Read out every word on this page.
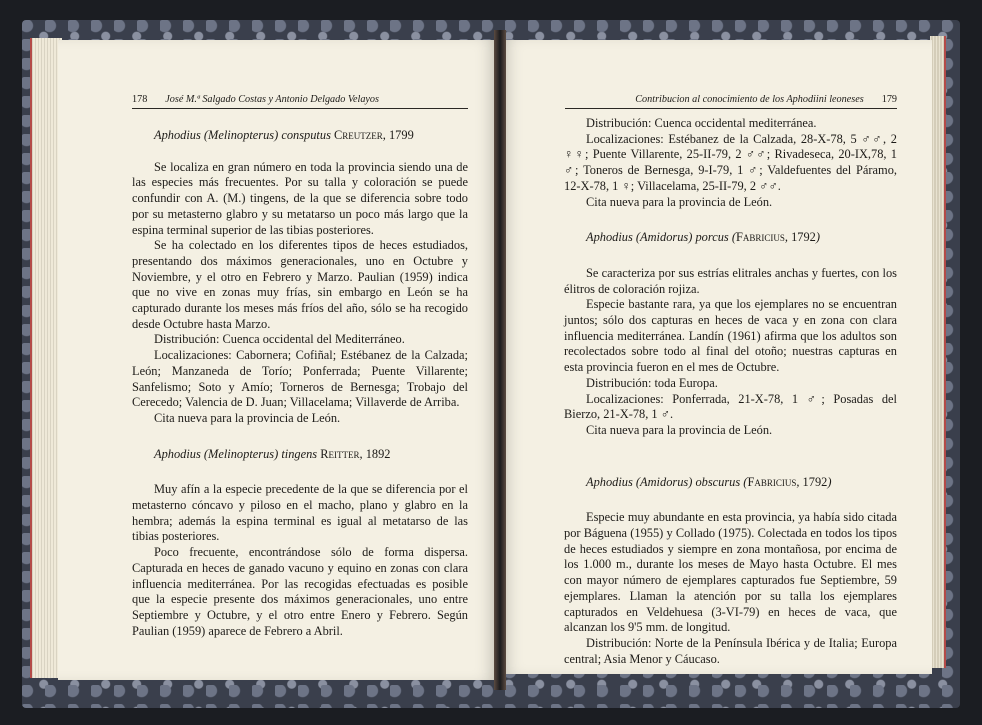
178 José M.ª Salgado Costas y Antonio Delgado Velayos

Aphodius (Melinopterus) consputus Creutzer, 1799

Se localiza en gran número en toda la provincia siendo una de las especies más frecuentes. Por su talla y coloración se puede confundir con A. (M.) tingens, de la que se diferencia sobre todo por su metasterno glabro y su metatarso un poco más largo que la espina terminal superior de las tibias posteriores.

Se ha colectado en los diferentes tipos de heces estudiados, presentando dos máximos generacionales, uno en Octubre y Noviembre, y el otro en Febrero y Marzo. Paulian (1959) indica que no vive en zonas muy frías, sin embargo en León se ha capturado durante los meses más fríos del año, sólo se ha recogido desde Octubre hasta Marzo.

Distribución: Cuenca occidental del Mediterráneo.

Localizaciones: Cabornera; Cofiñal; Estébanez de la Calzada; León; Manzaneda de Torío; Ponferrada; Puente Villarente; Sanfelismo; Soto y Amío; Torneros de Bernesga; Trobajo del Cerecedo; Valencia de D. Juan; Villacelama; Villaverde de Arriba.

Cita nueva para la provincia de León.

Aphodius (Melinopterus) tingens Reitter, 1892

Muy afín a la especie precedente de la que se diferencia por el metasterno cóncavo y piloso en el macho, plano y glabro en la hembra; además la espina terminal es igual al metatarso de las tibias posteriores.

Poco frecuente, encontrándose sólo de forma dispersa. Capturada en heces de ganado vacuno y equino en zonas con clara influencia mediterránea. Por las recogidas efectuadas es posible que la especie presente dos máximos generacionales, uno entre Septiembre y Octubre, y el otro entre Enero y Febrero. Según Paulian (1959) aparece de Febrero a Abril.

Contribucion al conocimiento de los Aphodiini leoneses 179

Distribución: Cuenca occidental mediterránea.

Localizaciones: Estébanez de la Calzada, 28-X-78, 5 ♂♂, 2 ♀♀; Puente Villarente, 25-II-79, 2 ♂♂; Rivadeseca, 20-IX,78, 1 ♂; Toneros de Bernesga, 9-I-79, 1 ♂; Valdefuentes del Páramo, 12-X-78, 1 ♀; Villacelama, 25-II-79, 2 ♂♂.

Cita nueva para la provincia de León.

Aphodius (Amidorus) porcus (Fabricius, 1792)

Se caracteriza por sus estrías elitrales anchas y fuertes, con los élitros de coloración rojiza.

Especie bastante rara, ya que los ejemplares no se encuentran juntos; sólo dos capturas en heces de vaca y en zona con clara influencia mediterránea. Landín (1961) afirma que los adultos son recolectados sobre todo al final del otoño; nuestras capturas en esta provincia fueron en el mes de Octubre.

Distribución: toda Europa.

Localizaciones: Ponferrada, 21-X-78, 1 ♂; Posadas del Bierzo, 21-X-78, 1 ♂.

Cita nueva para la provincia de León.

Aphodius (Amidorus) obscurus (Fabricius, 1792)

Especie muy abundante en esta provincia, ya había sido citada por Báguena (1955) y Collado (1975). Colectada en todos los tipos de heces estudiados y siempre en zona montañosa, por encima de los 1.000 m., durante los meses de Mayo hasta Octubre. El mes con mayor número de ejemplares capturados fue Septiembre, 59 ejemplares. Llaman la atención por su talla los ejemplares capturados en Veldehuesa (3-VI-79) en heces de vaca, que alcanzan los 9'5 mm. de longitud.

Distribución: Norte de la Península Ibérica y de Italia; Europa central; Asia Menor y Cáucaso.
